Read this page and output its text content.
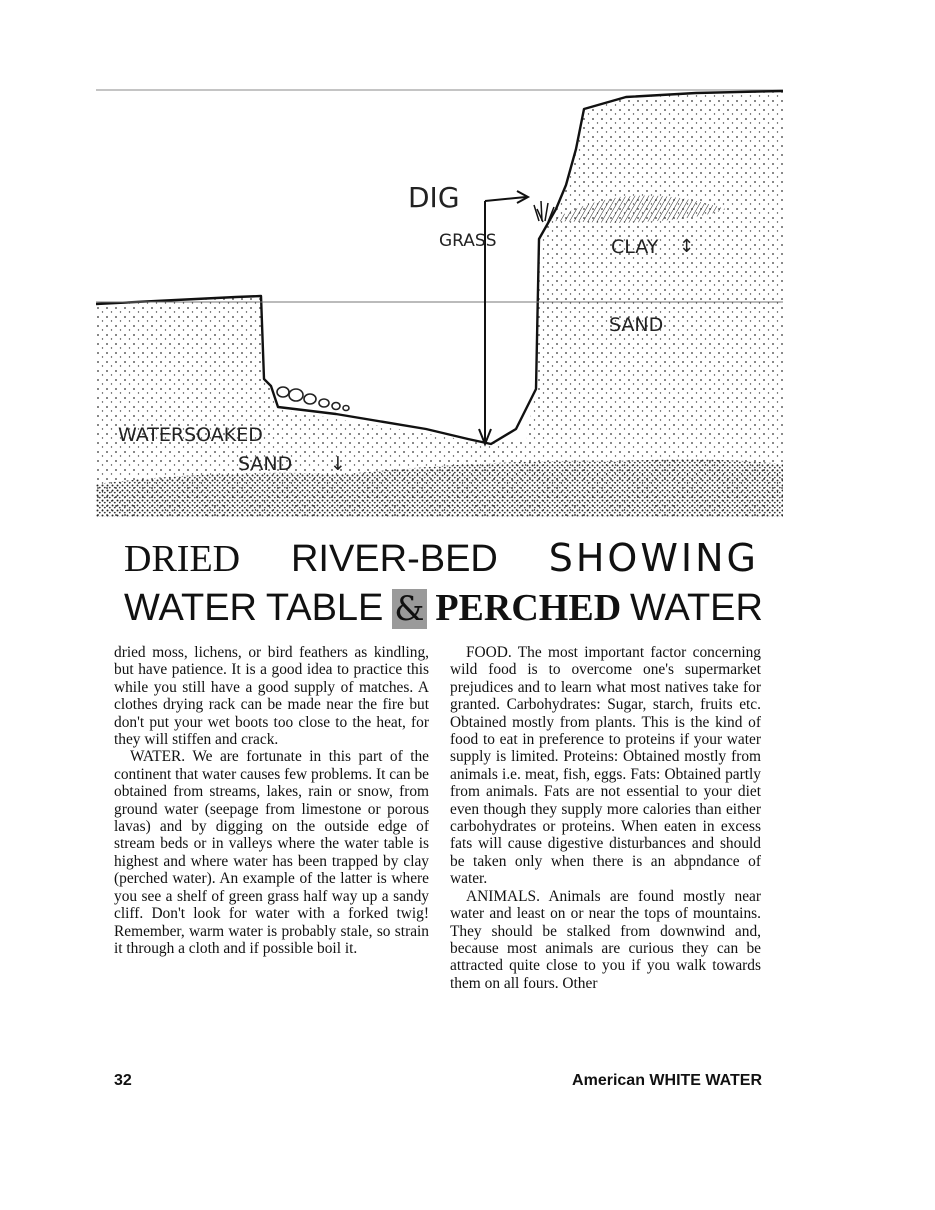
DIG
GRASS	CLAY ↕
SAND
WATERSOAKED
SAND ↓
DRIED RIVER-BED SHOWING
WATER TABLE & PERCHED WATER

dried moss, lichens, or bird feathers as kindling, but have patience. It is a good idea to practice this while you still have a good supply of matches. A clothes drying rack can be made near the fire but don't put your wet boots too close to the heat, for they will stiffen and crack.

WATER. We are fortunate in this part of the continent that water causes few problems. It can be obtained from streams, lakes, rain or snow, from ground water (seepage from limestone or porous lavas) and by digging on the outside edge of stream beds or in valleys where the water table is highest and where water has been trapped by clay (perched water). An example of the latter is where you see a shelf of green grass half way up a sandy cliff. Don't look for water with a forked twig! Remember, warm water is probably stale, so strain it through a cloth and if possible boil it.

FOOD. The most important factor concerning wild food is to overcome one's supermarket prejudices and to learn what most natives take for granted. Carbohydrates: Sugar, starch, fruits etc. Obtained mostly from plants. This is the kind of food to eat in preference to proteins if your water supply is limited. Proteins: Obtained mostly from animals i.e. meat, fish, eggs. Fats: Obtained partly from animals. Fats are not essential to your diet even though they supply more calories than either carbohydrates or proteins. When eaten in excess fats will cause digestive disturbances and should be taken only when there is an abpndance of water.

ANIMALS. Animals are found mostly near water and least on or near the tops of mountains. They should be stalked from downwind and, because most animals are curious they can be attracted quite close to you if you walk towards them on all fours. Other

32	American WHITE WATER
